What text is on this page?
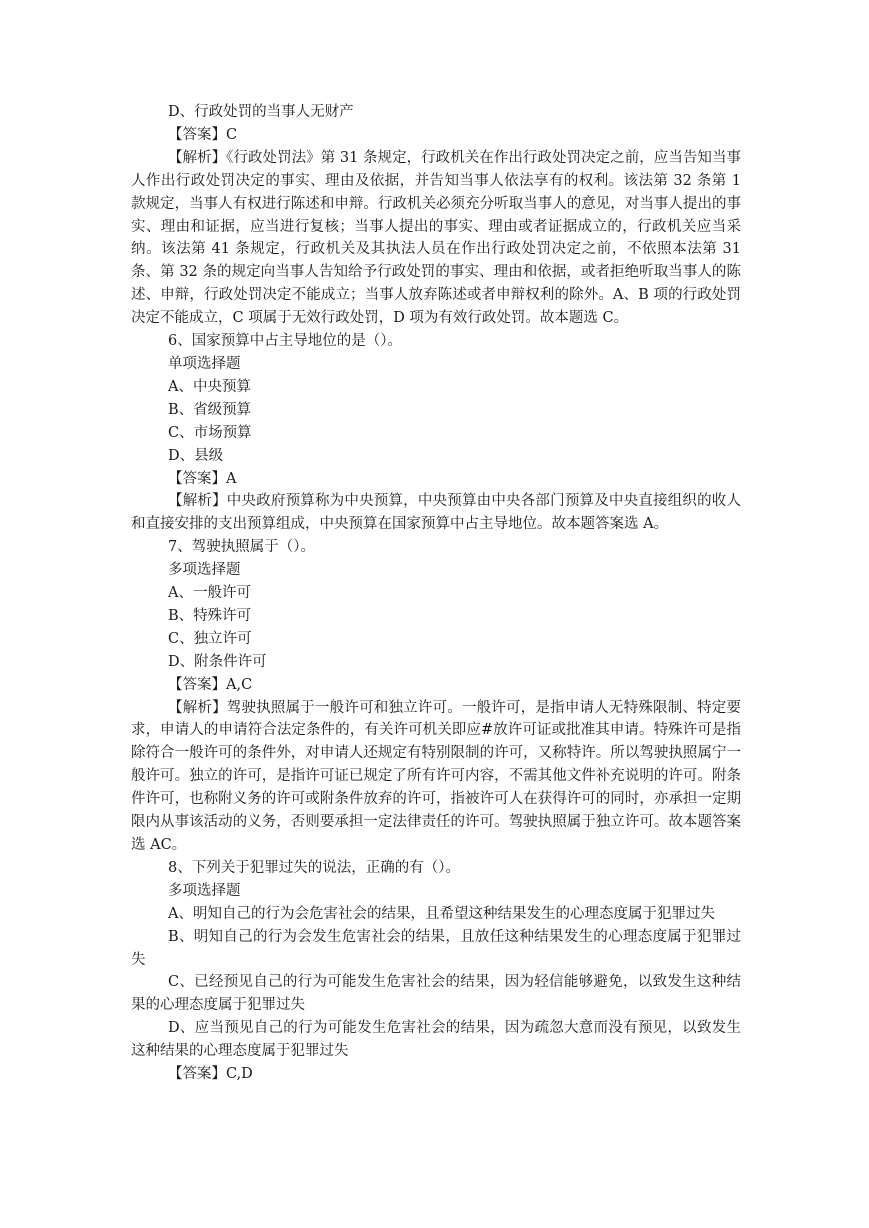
D、行政处罚的当事人无财产
【答案】C
【解析】《行政处罚法》第 31 条规定，行政机关在作出行政处罚决定之前，应当告知当事人作出行政处罚决定的事实、理由及依据，并告知当事人依法享有的权利。该法第 32 条第 1 款规定，当事人有权进行陈述和申辩。行政机关必须充分听取当事人的意见，对当事人提出的事实、理由和证据，应当进行复核；当事人提出的事实、理由或者证据成立的，行政机关应当采纳。该法第 41 条规定，行政机关及其执法人员在作出行政处罚决定之前，不依照本法第 31 条、第 32 条的规定向当事人告知给予行政处罚的事实、理由和依据，或者拒绝听取当事人的陈述、申辩，行政处罚决定不能成立；当事人放弃陈述或者申辩权利的除外。A、B 项的行政处罚决定不能成立，C 项属于无效行政处罚，D 项为有效行政处罚。故本题选 C。
6、国家预算中占主导地位的是（）。
单项选择题
A、中央预算
B、省级预算
C、市场预算
D、县级
【答案】A
【解析】中央政府预算称为中央预算，中央预算由中央各部门预算及中央直接组织的收人和直接安排的支出预算组成，中央预算在国家预算中占主导地位。故本题答案选 A。
7、驾驶执照属于（）。
多项选择题
A、一般许可
B、特殊许可
C、独立许可
D、附条件许可
【答案】A,C
【解析】驾驶执照属于一般许可和独立许可。一般许可，是指申请人无特殊限制、特定要求，申请人的申请符合法定条件的，有关许可机关即应#放许可证或批准其申请。特殊许可是指除符合一般许可的条件外，对申请人还规定有特别限制的许可，又称特许。所以驾驶执照属宁一般许可。独立的许可，是指许可证已规定了所有许可内容，不需其他文件补充说明的许可。附条件许可，也称附义务的许可或附条件放弃的许可，指被许可人在获得许可的同时，亦承担一定期限内从事该活动的义务，否则要承担一定法律责任的许可。驾驶执照属于独立许可。故本题答案选 AC。
8、下列关于犯罪过失的说法，正确的有（）。
多项选择题
A、明知自己的行为会危害社会的结果，且希望这种结果发生的心理态度属于犯罪过失
B、明知自己的行为会发生危害社会的结果，且放任这种结果发生的心理态度属于犯罪过失
C、已经预见自己的行为可能发生危害社会的结果，因为轻信能够避免，以致发生这种结果的心理态度属于犯罪过失
D、应当预见自己的行为可能发生危害社会的结果，因为疏忽大意而没有预见，以致发生这种结果的心理态度属于犯罪过失
【答案】C,D
